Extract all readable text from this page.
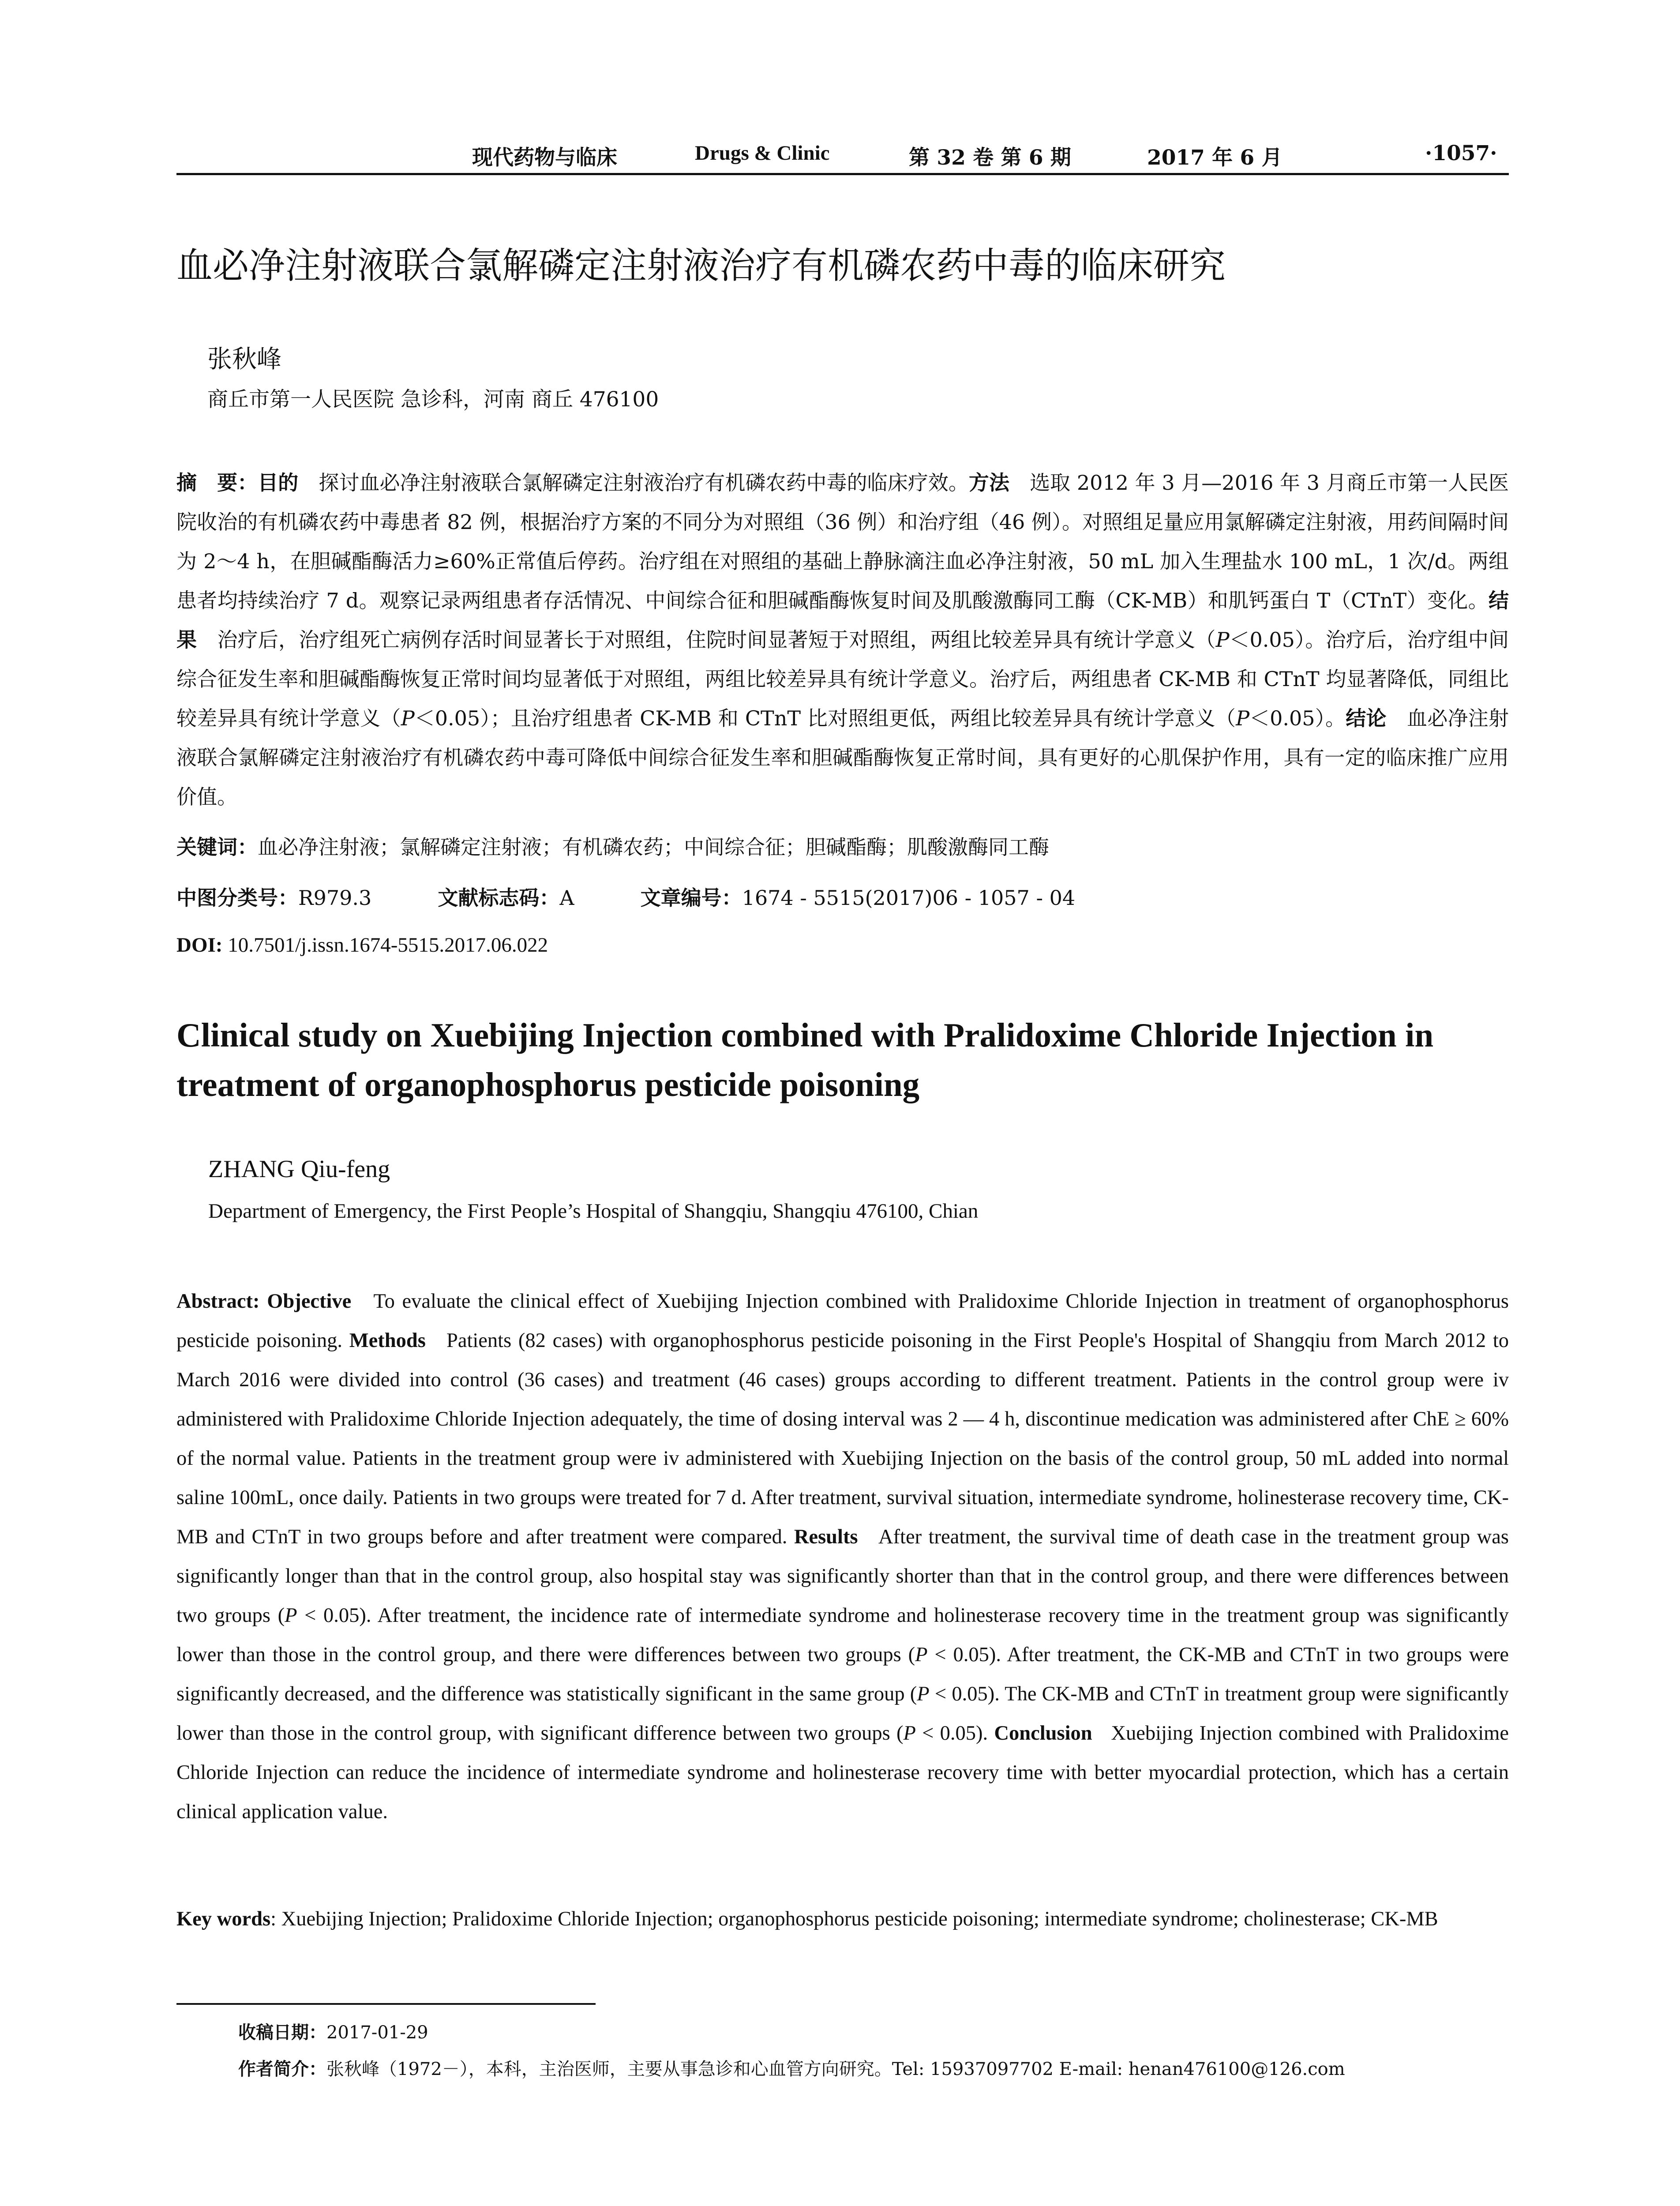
现代药物与临床	Drugs & Clinic	第 32 卷 第 6 期	2017 年 6 月	·1057·
血必净注射液联合氯解磷定注射液治疗有机磷农药中毒的临床研究
张秋峰
商丘市第一人民医院 急诊科，河南 商丘 476100
摘　要：目的　 探讨血必净注射液联合氯解磷定注射液治疗有机磷农药中毒的临床疗效。方法　 选取 2012 年 3 月—2016 年 3 月商丘市第一人民医院收治的有机磷农药中毒患者 82 例，根据治疗方案的不同分为对照组（36 例）和治疗组（46 例）。对照组足量应用氯解磷定注射液，用药间隔时间为 2～4 h，在胆碱酯酶活力≥60%正常值后停药。治疗组在对照组的基础上静脉滴注血必净注射液，50 mL 加入生理盐水 100 mL，1 次/d。两组患者均持续治疗 7 d。观察记录两组患者存活情况、中间综合征和胆碱酯酶恢复时间及肌酸激酶同工酶（CK-MB）和肌钙蛋白 T（CTnT）变化。结果　 治疗后，治疗组死亡病例存活时间显著长于对照组，住院时间显著短于对照组，两组比较差异具有统计学意义（P＜0.05）。治疗后，治疗组中间综合征发生率和胆碱酯酶恢复正常时间均显著低于对照组，两组比较差异具有统计学意义。治疗后，两组患者 CK-MB 和 CTnT 均显著降低，同组比较差异具有统计学意义（P＜0.05）；且治疗组患者 CK-MB 和 CTnT 比对照组更低，两组比较差异具有统计学意义（P＜0.05）。结论　 血必净注射液联合氯解磷定注射液治疗有机磷农药中毒可降低中间综合征发生率和胆碱酯酶恢复正常时间，具有更好的心肌保护作用，具有一定的临床推广应用价值。
关键词：血必净注射液；氯解磷定注射液；有机磷农药；中间综合征；胆碱酯酶；肌酸激酶同工酶
中图分类号：R979.3	文献标志码：A	文章编号：1674 - 5515(2017)06 - 1057 - 04
DOI: 10.7501/j.issn.1674-5515.2017.06.022
Clinical study on Xuebijing Injection combined with Pralidoxime Chloride Injection in treatment of organophosphorus pesticide poisoning
ZHANG Qiu-feng
Department of Emergency, the First People’s Hospital of Shangqiu, Shangqiu 476100, Chian
Abstract: Objective To evaluate the clinical effect of Xuebijing Injection combined with Pralidoxime Chloride Injection in treatment of organophosphorus pesticide poisoning. Methods Patients (82 cases) with organophosphorus pesticide poisoning in the First People's Hospital of Shangqiu from March 2012 to March 2016 were divided into control (36 cases) and treatment (46 cases) groups according to different treatment. Patients in the control group were iv administered with Pralidoxime Chloride Injection adequately, the time of dosing interval was 2 — 4 h, discontinue medication was administered after ChE ≥ 60% of the normal value. Patients in the treatment group were iv administered with Xuebijing Injection on the basis of the control group, 50 mL added into normal saline 100mL, once daily. Patients in two groups were treated for 7 d. After treatment, survival situation, intermediate syndrome, holinesterase recovery time, CK-MB and CTnT in two groups before and after treatment were compared. Results After treatment, the survival time of death case in the treatment group was significantly longer than that in the control group, also hospital stay was significantly shorter than that in the control group, and there were differences between two groups (P < 0.05). After treatment, the incidence rate of intermediate syndrome and holinesterase recovery time in the treatment group was significantly lower than those in the control group, and there were differences between two groups (P < 0.05). After treatment, the CK-MB and CTnT in two groups were significantly decreased, and the difference was statistically significant in the same group (P < 0.05). The CK-MB and CTnT in treatment group were significantly lower than those in the control group, with significant difference between two groups (P < 0.05). Conclusion Xuebijing Injection combined with Pralidoxime Chloride Injection can reduce the incidence of intermediate syndrome and holinesterase recovery time with better myocardial protection, which has a certain clinical application value.
Key words: Xuebijing Injection; Pralidoxime Chloride Injection; organophosphorus pesticide poisoning; intermediate syndrome; cholinesterase; CK-MB
收稿日期：2017-01-29
作者简介：张秋峰（1972－），本科，主治医师，主要从事急诊和心血管方向研究。Tel: 15937097702 E-mail: henan476100@126.com
